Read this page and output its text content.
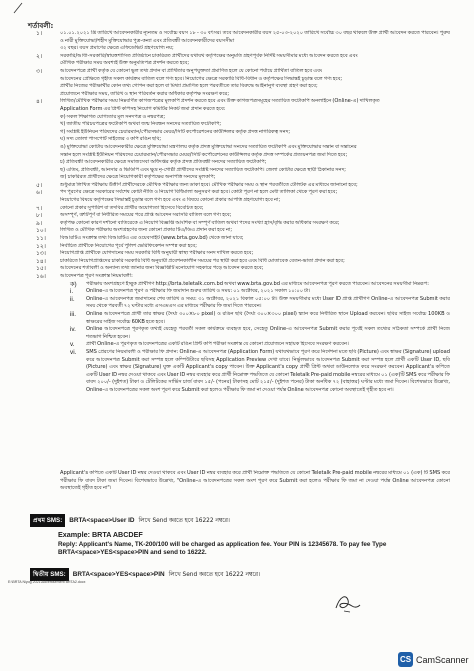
শর্তাবলী:
১।	০১.০১.২০২১ খ্রি তারিখে আবেদনকারীর ন্যূনতম ও সর্বোচ্চ বয়স ১৮ - ৩০ বৎসর। তবে আবেদনকারীর বয়স ২৫-০৩-২০২০ তারিখে সর্বোচ্চ ৩০ বছর থাকলে উক্ত প্রার্থী আবেদন করতে পারবেন। পুরুষ ও নারী মুক্তিযোদ্ধা/শহীদ মুক্তিযোদ্ধার পুত্র-কন্যা এবং প্রতিবন্ধী আবেদনকারীদের বয়সসীমা
৩২ বছর। বয়স প্রমাণের ক্ষেত্রে এফিডেভিট গ্রহণযোগ্য নয়;
২।	সরকারি/আধা-সরকারি/স্বায়ত্তশাসিত প্রতিষ্ঠানে চাকরিরত প্রার্থীদের যথাযথ কর্তৃপক্ষের অনুমতি গ্রহণপূর্বক নির্দিষ্ট সময়সীমার মধ্যে আবেদন করতে হবে এবং
মৌখিক পরীক্ষার সময় অবশ্যই উক্ত অনুমতিপত্র প্রদর্শন করতে হবে;
৩।	আবেদনপত্রে প্রার্থী কর্তৃক যে কোনো ভুল তথ্য প্রদান বা প্রার্থিতার অনুপযুক্ততা প্রমাণিত হলে যে কোনো পর্যায়ে প্রার্থিতা বাতিল হবে এবং
আবেদনের প্রেক্ষিতে গৃহীত সকল কার্যক্রম বাতিল বলে গণ্য হবে। নিয়োগের ক্ষেত্রে সরকারি বিধি-বিধান ও কর্তৃপক্ষের সিদ্ধান্তই চূড়ান্ত বলে গণ্য হবে;
প্রার্থীর নিজের পরীক্ষার্থীর কোন তথ্য গোপন করা হলে বা মিথ্যা প্রমাণিত হলে পরবর্তীতে তার বিরুদ্ধে আইনানুগ ব্যবস্থা গ্রহণ করা হবে;
প্রয়োজনে পরীক্ষার সময়, তারিখ ও স্থান পরিবর্তন করার অধিকার কর্তৃপক্ষ সংরক্ষণ করে;
৪।	লিখিত/মৌখিক পরীক্ষার সময় নিম্নবর্ণিত কাগজপত্রের মূলকপি প্রদর্শন করতে হবে এবং উক্ত কাগজপত্রসমূহের সত্যায়িত ফটোকপি অনলাইনে (Online-এ) দাখিলকৃত
Application Form এর প্রিন্ট কপিসহ নিয়োগ কমিটির নিকট জমা প্রদান করতে হবে:
ক) সকল শিক্ষাগত যোগ্যতার মূল সনদপত্র ও নম্বরপত্র;
খ) জাতীয় পরিচয়পত্রের ফটোকপি অথবা জন্ম নিবন্ধন সনদের সত্যায়িত ফটোকপি;
গ) সংশ্লিষ্ট ইউনিয়ন পরিষদের চেয়ারম্যান/পৌরসভার মেয়র/সিটি কর্পোরেশনের কাউন্সিলর কর্তৃক প্রদত্ত নাগরিকত্ব সনদ;
ঘ) সদ্য তোলা পাসপোর্ট সাইজের ৩ কপি রঙিন ছবি;
ঙ) মুক্তিযোদ্ধা কোটায় আবেদনকারীর ক্ষেত্রে মুক্তিযোদ্ধা মন্ত্রণালয় কর্তৃক প্রদত্ত মুক্তিযোদ্ধা সনদের সত্যায়িত ফটোকপি এবং মুক্তিযোদ্ধার সন্তান বা সন্তানের
সন্তান হলে সংশ্লিষ্ট ইউনিয়ন পরিষদের চেয়ারম্যান/পৌরসভার মেয়র/সিটি কর্পোরেশনের কাউন্সিলর কর্তৃক প্রদত্ত সম্পর্কের প্রত্যয়নপত্র জমা দিতে হবে;
চ) প্রতিবন্ধী আবেদনকারীর ক্ষেত্রে সমাজসেবা অধিদপ্তর কর্তৃক প্রদত্ত প্রতিবন্ধী সনদের সত্যায়িত ফটোকপি;
ছ) এতিম, প্রতিবন্ধী, আনসার ও ভিডিপি এবং ক্ষুদ্র নৃ-গোষ্ঠী প্রার্থীদের সংশ্লিষ্ট সনদের সত্যায়িত ফটোকপি। জেলা কোটার ক্ষেত্রে স্থায়ী ঠিকানার সনদ;
জ) চাকরিরত প্রার্থীদের ক্ষেত্রে নিয়োগকারী কর্তৃপক্ষের অনাপত্তি সনদের মূলকপি;
৫।	শুধুমাত্র লিখিত পরীক্ষায় উত্তীর্ণ প্রার্থীদেরকে মৌখিক পরীক্ষার জন্য ডাকা হবে। মৌখিক পরীক্ষার সময় ও স্থান পরবর্তীতে টেলিটক এর মাধ্যমে জানানো হবে;
৬।	পদ পূরণের ক্ষেত্রে সরকারের সর্বশেষ কোটা নীতি ও নিয়োগ বিধিমালা অনুসরণ করা হবে। কোটা পূরণ না হলে মেধা তালিকা থেকে পূরণ করা হবে;
নিয়োগের বিষয়ে কর্তৃপক্ষের সিদ্ধান্তই চূড়ান্ত বলে গণ্য হবে এবং এ বিষয়ে কোনো প্রকার আপত্তি গ্রহণযোগ্য হবে না;
৭।	কোনো প্রকার সুপারিশ বা তদবির প্রার্থীর অযোগ্যতা হিসেবে বিবেচিত হবে;
৮।	অসম্পূর্ণ, ত্রুটিপূর্ণ বা নির্ধারিত সময়ের পরে প্রাপ্ত আবেদন সরাসরি বাতিল বলে গণ্য হবে;
৯।	কর্তৃপক্ষ কোনো কারণ দর্শানো ব্যতিরেকে এ নিয়োগ বিজ্ঞপ্তি আংশিক বা সম্পূর্ণ বাতিল অথবা পদের সংখ্যা হ্রাস/বৃদ্ধি করার অধিকার সংরক্ষণ করে;
১০।	লিখিত ও মৌখিক পরীক্ষায় অংশগ্রহণের জন্য কোনো প্রকার টিএ/ডিএ প্রদান করা হবে না;
১১।	বিআরটিএ সংক্রান্ত তথ্য বিআরটিএ এর ওয়েবসাইট (www.brta.gov.bd) থেকে জানা যাবে;
১২।	নির্বাচিত প্রার্থীকে নিয়োগের পূর্বে পুলিশ ভেরিফিকেশন সম্পন্ন করা হবে;
১৩।	নিয়োগপ্রাপ্ত প্রার্থীকে যোগদানের সময় সরকারি বিধি অনুযায়ী স্বাস্থ্য পরীক্ষার সনদ দাখিল করতে হবে;
১৪।	চাকরিতে নিয়োগপ্রাপ্তদের চাকরি সরকারি বিধি অনুযায়ী প্রবেশনকালীন সময়ের পর স্থায়ী করা হবে এবং বিধি মোতাবেক বেতন-ভাতা প্রদান করা হবে;
১৫।	আবেদনের শর্তাবলী ও অন্যান্য তথ্য জানার জন্য বিজ্ঞপ্তিটি মনোযোগ সহকারে পড়ে আবেদন করতে হবে;
১৬।	আবেদনপত্র পূরণ সংক্রান্ত নিয়মাবলী:
ক)	পরীক্ষায় অংশগ্রহণে ইচ্ছুক প্রার্থীগণ http://brta.teletalk.com.bd অথবা www.brta.gov.bd এর মাধ্যমে আবেদনপত্র পূরণ করতে পারবেন। আবেদনের সময়সীমা নিম্নরূপ:
i.	Online-এ আবেদনপত্র পূরণ ও পরীক্ষার ফি জমাদান শুরুর তারিখ ও সময়: ০১ অক্টোবর, ২০২১ সকাল ১০:০০ টা।
ii.	Online-এ আবেদনপত্র জমাদানের শেষ তারিখ ও সময়: ৩১ অক্টোবর, ২০২১ বিকাল ০৫:০০ টা। উক্ত সময়সীমার মধ্যে User ID প্রাপ্ত প্রার্থীগণ Online-এ আবেদনপত্র Submit করার সময় থেকে পরবর্তী ৭২ ঘণ্টার মধ্যে এসএমএস এর মাধ্যমে পরীক্ষার ফি জমা দিতে পারবেন।
iii.	Online আবেদনপত্রে প্রার্থী তার স্বাক্ষর (দৈর্ঘ্য ৩০০×৮০ pixel) ও রঙিন ছবি (দৈর্ঘ্য ৩০০×৩০০ pixel) স্ক্যান করে নির্ধারিত স্থানে Upload করবেন। ছবির সাইজ সর্বোচ্চ 100KB ও স্বাক্ষরের সাইজ সর্বোচ্চ 60KB হতে হবে।
iv.	Online আবেদনপত্রে পূরণকৃত তথ্যই যেহেতু পরবর্তী সকল কার্যক্রমে ব্যবহৃত হবে, সেহেতু Online-এ আবেদনপত্র Submit করার পূর্বেই সকল তথ্যের সঠিকতা সম্পর্কে প্রার্থী নিজে শতভাগ নিশ্চিত হবেন।
v.	প্রার্থী Online-এ পূরণকৃত আবেদনপত্রের একটি রঙিন প্রিন্ট কপি পরীক্ষা সংক্রান্ত যে কোনো প্রয়োজনে সহায়ক হিসেবে সংরক্ষণ করবেন।
vi.	SMS প্রেরণের নিয়মাবলী ও পরীক্ষার ফি প্রদান: Online-এ আবেদনপত্র (Application Form) যথাযথভাবে পূরণ করে নির্দেশনা মতে ছবি (Picture) এবং স্বাক্ষর (Signature) upload করে আবেদনপত্র Submit করা সম্পন্ন হলে কম্পিউটারে ছবিসহ Application Preview দেখা যাবে। নির্ভুলভাবে আবেদনপত্র Submit করা সম্পন্ন হলে প্রার্থী একটি User ID, ছবি (Picture) এবং স্বাক্ষর (Signature) যুক্ত একটি Applicant's copy পাবেন। উক্ত Applicant's copy প্রার্থী প্রিন্ট অথবা ডাউনলোড করে সংরক্ষণ করবেন। Applicant's কপিতে একটি User ID নম্বর দেওয়া থাকবে এবং User ID নম্বর ব্যবহার করে প্রার্থী নিম্নোক্ত পদ্ধতিতে যে কোনো Teletalk Pre-paid mobile নম্বরের মাধ্যমে ০১ (এক)টি SMS করে পরীক্ষার ফি বাবদ ২০০/- (দুইশত) টাকা ও টেলিটকের সার্ভিস চার্জ বাবদ ১৫/- (পনের) টাকাসহ মোট ২১৫/- (দুইশত পনের) টাকা অনধিক ৭২ (বাহাত্তর) ঘণ্টার মধ্যে জমা দিবেন। বিশেষভাবে উল্লেখ্য, Online-এ আবেদনপত্রের সকল অংশ পূরণ করে Submit করা হলেও পরীক্ষার ফি জমা না দেওয়া পর্যন্ত Online আবেদনপত্র কোনো অবস্থাতেই গৃহীত হবে না।
Applicant's কপিতে একটি User ID নম্বর দেওয়া থাকবে এবং User ID নম্বর ব্যবহার করে প্রার্থী নিম্নোক্ত পদ্ধতিতে যে কোনো Teletalk Pre-paid mobile নম্বরের মাধ্যমে ০১ (এক) টি SMS করে পরীক্ষার ফি বাবদ টাকা জমা দিবেন। বিশেষভাবে উল্লেখ্য, "Online-এ আবেদনপত্রের সকল অংশ পূরণ করে Submit করা হলেও পরীক্ষার ফি জমা না দেওয়া পর্যন্ত Online আবেদনপত্র কোনো অবস্থাতেই গৃহীত হবে না"।
প্রথম SMS:	BRTA<space>User ID লিখে Send করতে হবে 16222 নম্বরে।
Example: BRTA ABCDEF
Reply: Applicant's Name, TK-200/100 will be charged as application fee. Your PIN is 12345678. To pay fee Type BRTA<space>YES<space>PIN and send to 16222.
দ্বিতীয় SMS:	BRTA<space>YES<space>PIN লিখে Send করতে হবে 16222 নম্বরে।
E:\BRTA Niyog 2021\Advertisement BRTA2.docx
CS CamScanner
